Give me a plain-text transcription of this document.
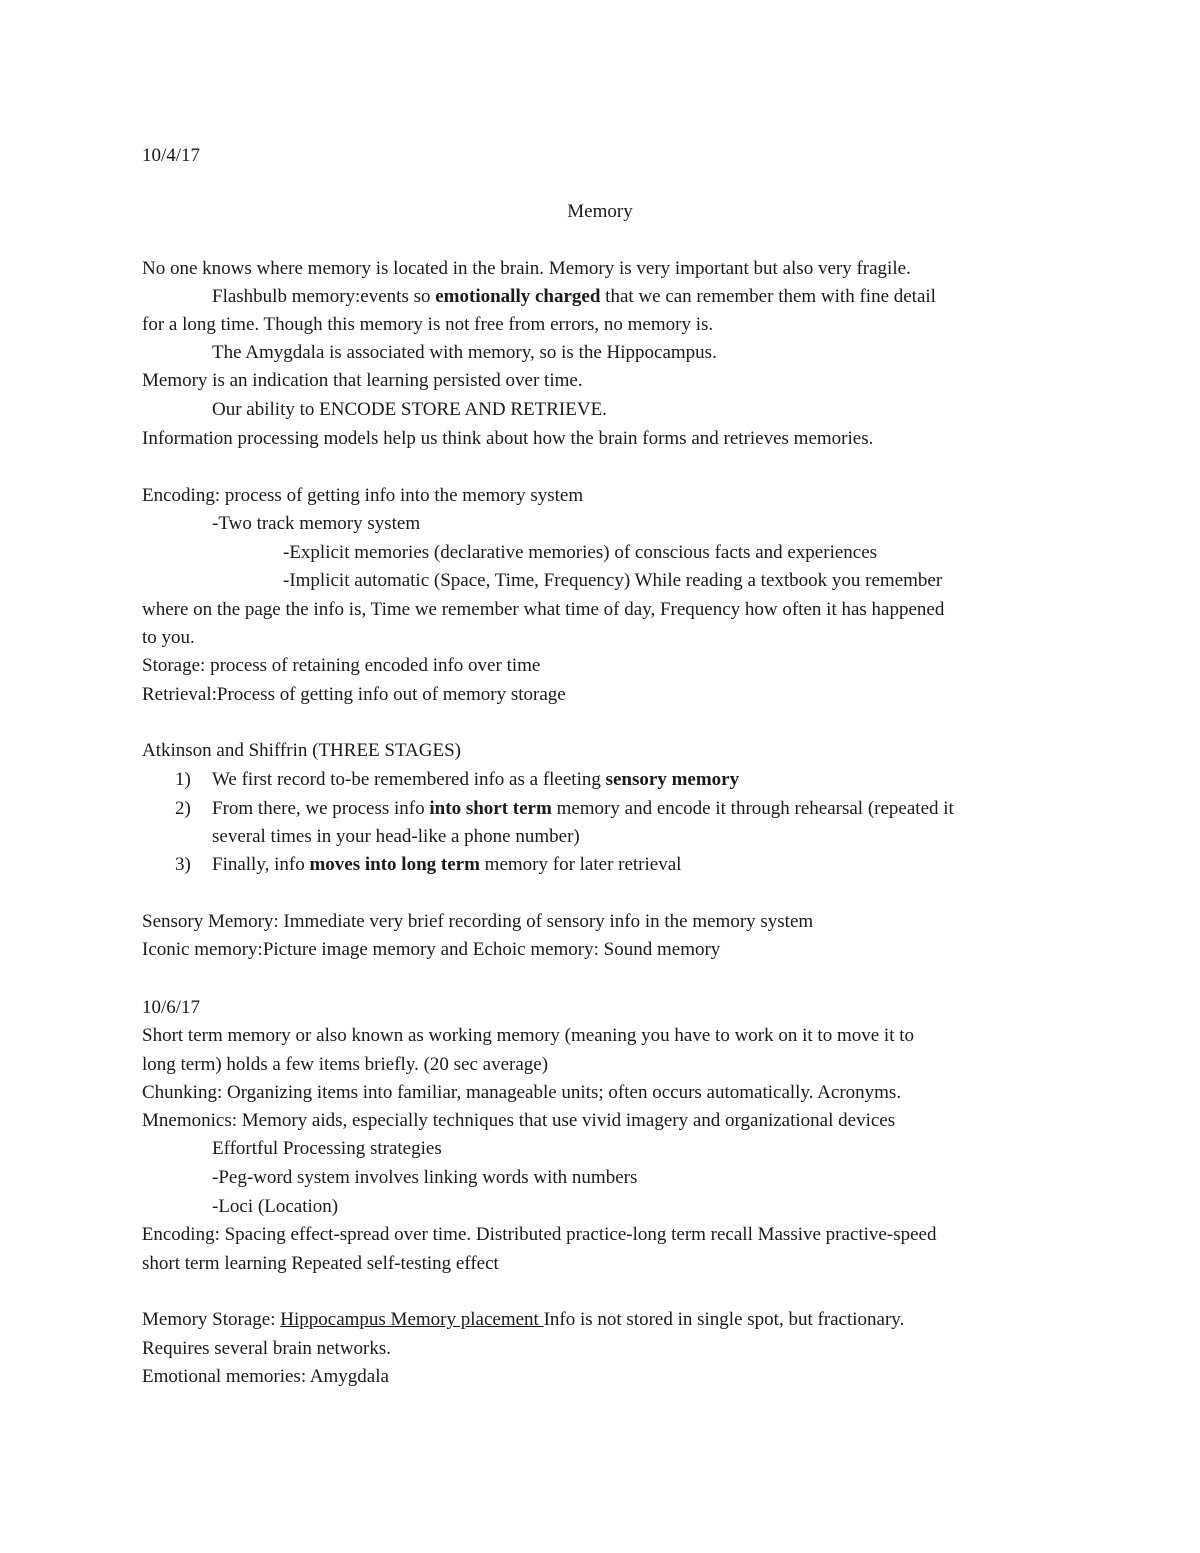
10/4/17
Memory
No one knows where memory is located in the brain. Memory is very important but also very fragile.
Flashbulb memory:events so emotionally charged that we can remember them with fine detail
for a long time. Though this memory is not free from errors, no memory is.
The Amygdala is associated with memory, so is the Hippocampus.
Memory is an indication that learning persisted over time.
Our ability to ENCODE STORE AND RETRIEVE.
Information processing models help us think about how the brain forms and retrieves memories.
Encoding: process of getting info into the memory system
-Two track memory system
-Explicit memories (declarative memories) of conscious facts and experiences
-Implicit automatic (Space, Time, Frequency) While reading a textbook you remember
where on the page the info is, Time we remember what time of day, Frequency how often it has happened
to you.
Storage: process of retaining encoded info over time
Retrieval:Process of getting info out of memory storage
Atkinson and Shiffrin (THREE STAGES)
1) We first record to-be remembered info as a fleeting sensory memory
2) From there, we process info into short term memory and encode it through rehearsal (repeated it
several times in your head-like a phone number)
3) Finally, info moves into long term memory for later retrieval
Sensory Memory: Immediate very brief recording of sensory info in the memory system
Iconic memory:Picture image memory and Echoic memory: Sound memory
10/6/17
Short term memory or also known as working memory (meaning you have to work on it to move it to
long term) holds a few items briefly. (20 sec average)
Chunking: Organizing items into familiar, manageable units; often occurs automatically. Acronyms.
Mnemonics: Memory aids, especially techniques that use vivid imagery and organizational devices
Effortful Processing strategies
-Peg-word system involves linking words with numbers
-Loci (Location)
Encoding: Spacing effect-spread over time. Distributed practice-long term recall Massive practive-speed
short term learning Repeated self-testing effect
Memory Storage: Hippocampus Memory placement Info is not stored in single spot, but fractionary.
Requires several brain networks.
Emotional memories: Amygdala
